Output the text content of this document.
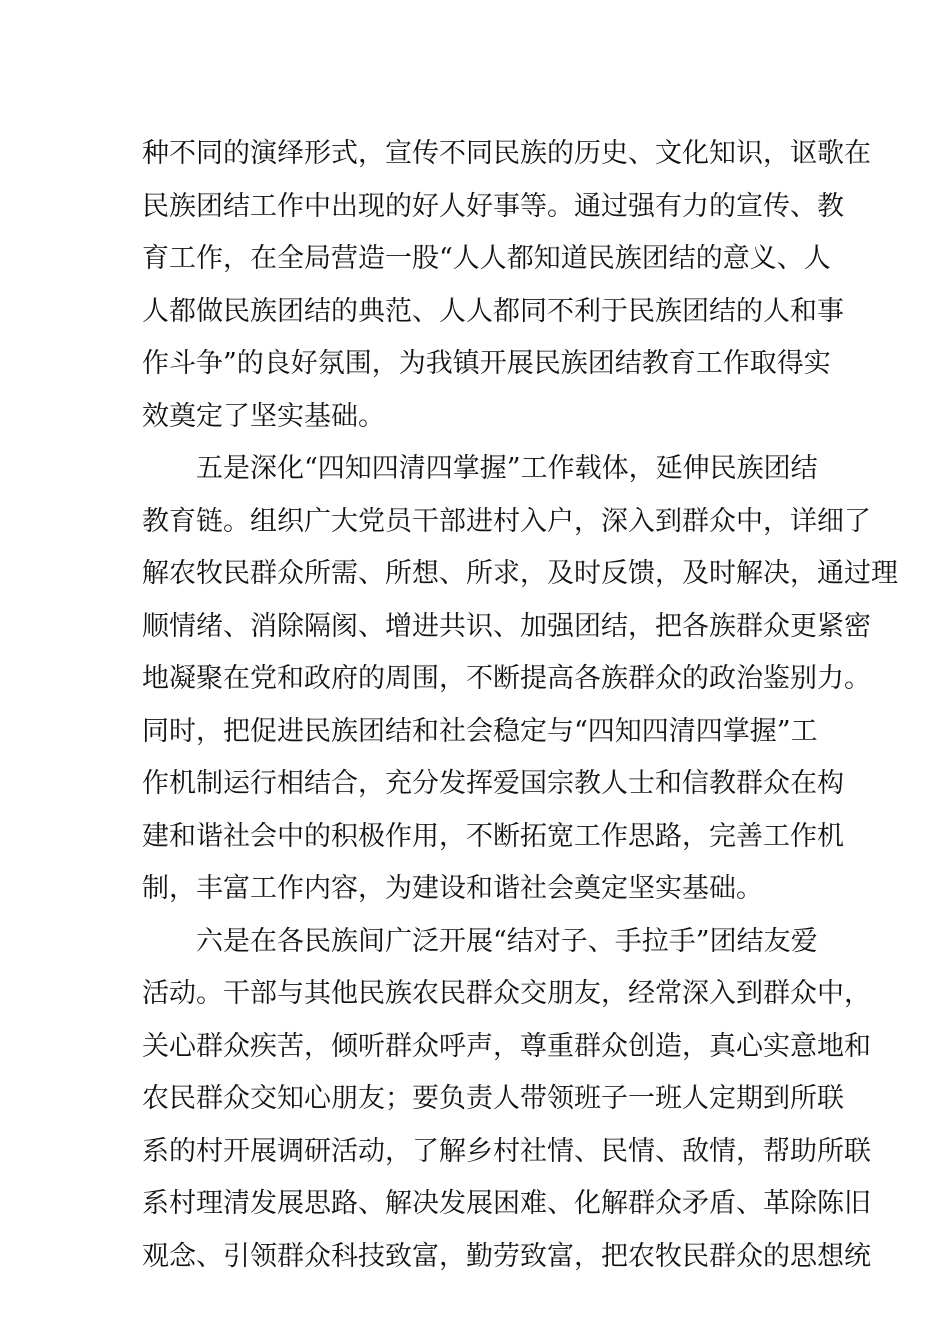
种不同的演绎形式，宣传不同民族的历史、文化知识，讴歌在
民族团结工作中出现的好人好事等。通过强有力的宣传、教
育工作，在全局营造一股“人人都知道民族团结的意义、人
人都做民族团结的典范、人人都同不利于民族团结的人和事
作斗争”的良好氛围，为我镇开展民族团结教育工作取得实
效奠定了坚实基础。
五是深化“四知四清四掌握”工作载体，延伸民族团结
教育链。组织广大党员干部进村入户，深入到群众中，详细了
解农牧民群众所需、所想、所求，及时反馈，及时解决，通过理
顺情绪、消除隔阂、增进共识、加强团结，把各族群众更紧密
地凝聚在党和政府的周围，不断提高各族群众的政治鉴别力。
同时，把促进民族团结和社会稳定与“四知四清四掌握”工
作机制运行相结合，充分发挥爱国宗教人士和信教群众在构
建和谐社会中的积极作用，不断拓宽工作思路，完善工作机
制，丰富工作内容，为建设和谐社会奠定坚实基础。
六是在各民族间广泛开展“结对子、手拉手”团结友爱
活动。干部与其他民族农民群众交朋友，经常深入到群众中，
关心群众疾苦，倾听群众呼声，尊重群众创造，真心实意地和
农民群众交知心朋友；要负责人带领班子一班人定期到所联
系的村开展调研活动，了解乡村社情、民情、敌情，帮助所联
系村理清发展思路、解决发展困难、化解群众矛盾、革除陈旧
观念、引领群众科技致富，勤劳致富，把农牧民群众的思想统
